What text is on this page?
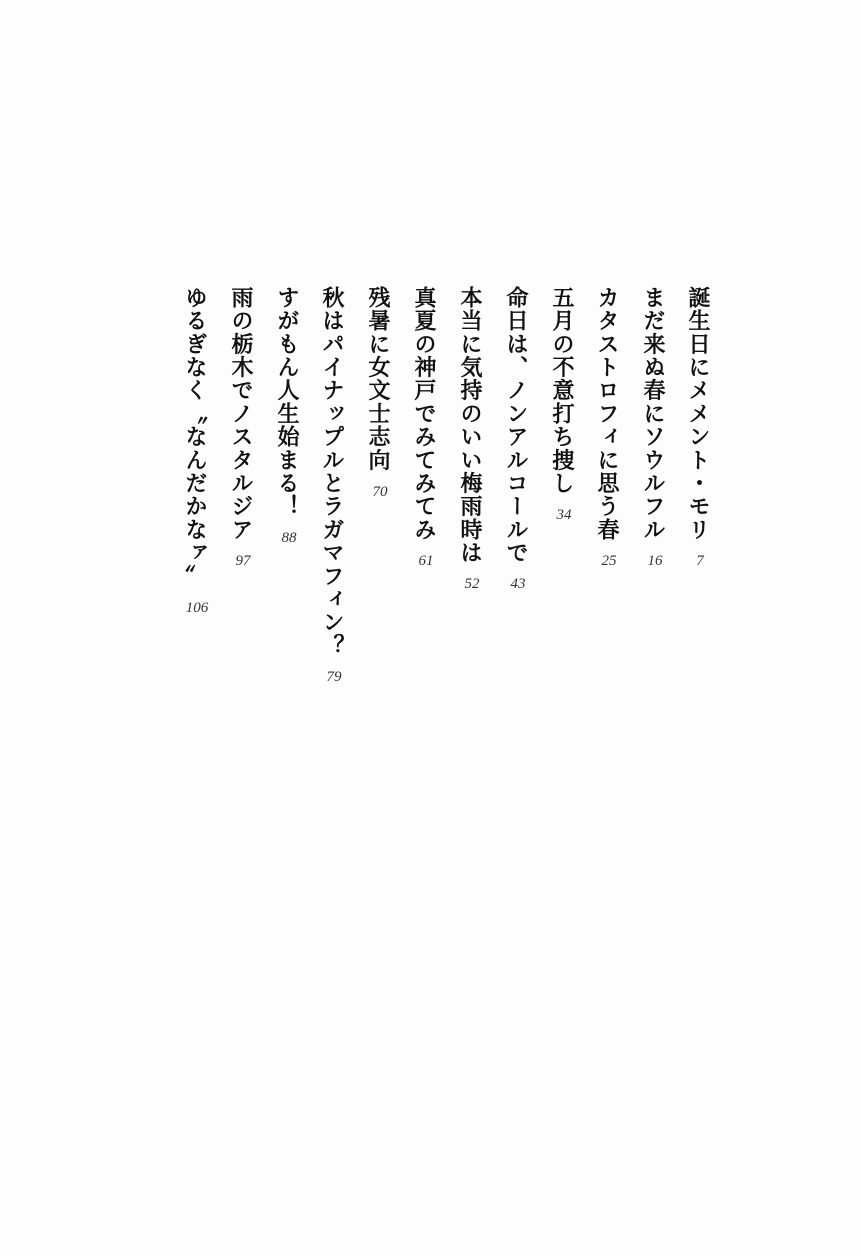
誕生日にメメント・モリ
7
まだ来ぬ春にソウルフル
16
カタストロフィに思う春
25
五月の不意打ち捜し
34
命日は、ノンアルコールで
43
本当に気持のいい梅雨時は
52
真夏の神戸でみてみてみ
61
残暑に女文士志向
70
秋はパイナップルとラガマフィン？
79
すがもん人生始まる！
88
雨の栃木でノスタルジア
97
ゆるぎなく〝なんだかなァ〟
106
